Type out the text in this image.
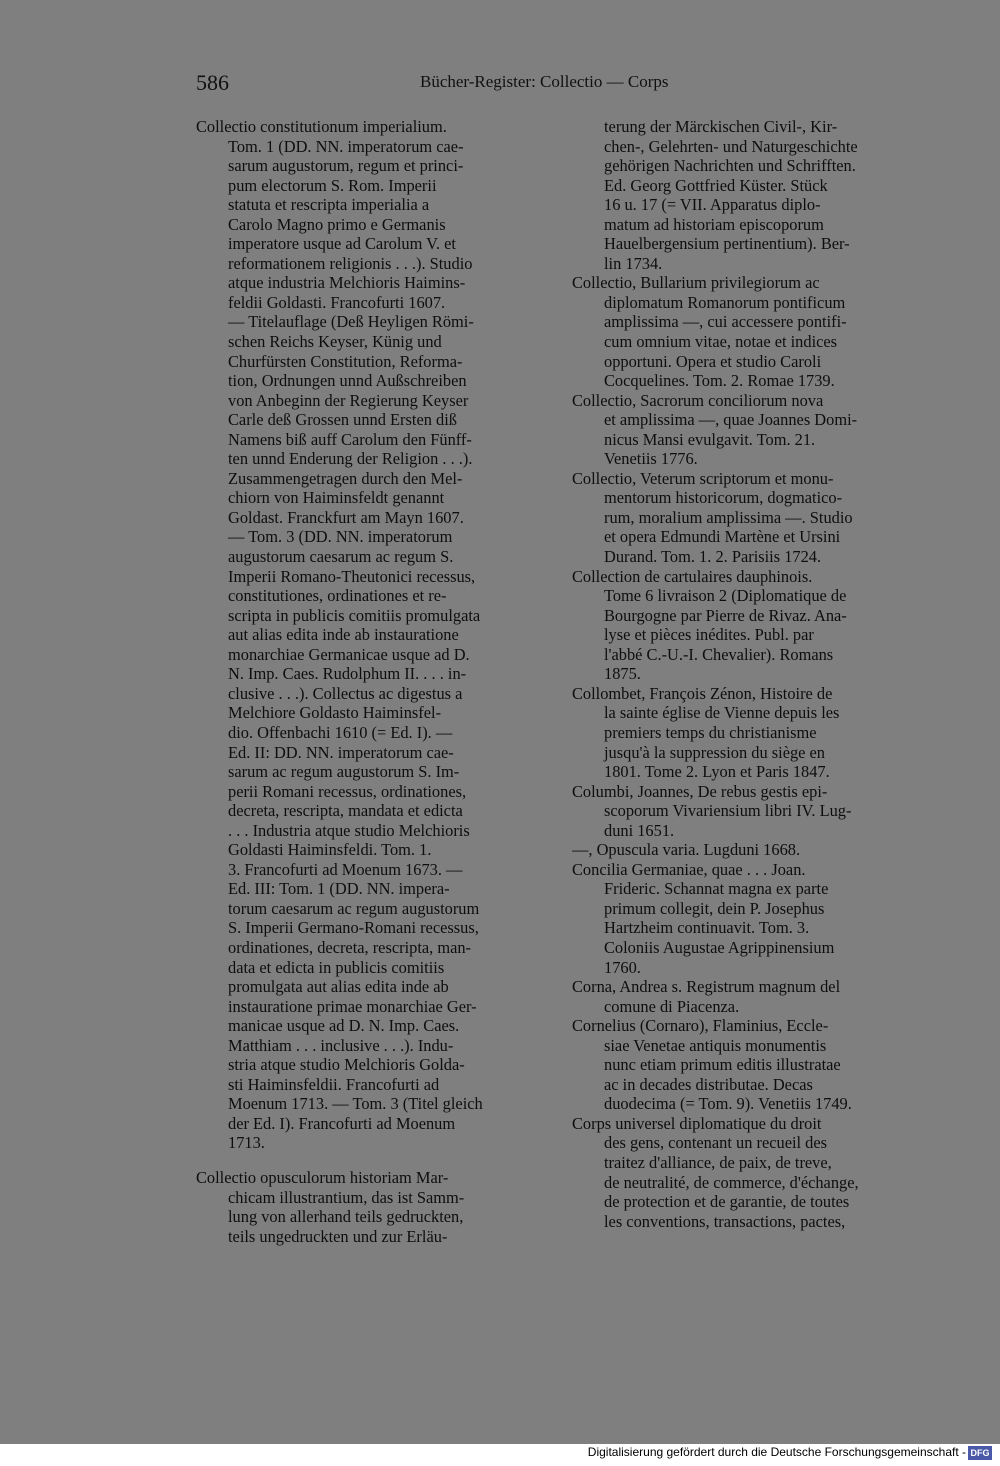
586	Bücher-Register: Collectio — Corps
Collectio constitutionum imperialium.
Tom. 1 (DD. NN. imperatorum cae-
sarum augustorum, regum et princi-
pum electorum S. Rom. Imperii
statuta et rescripta imperialia a
Carolo Magno primo e Germanis
imperatore usque ad Carolum V. et
reformationem religionis . . .). Studio
atque industria Melchioris Haimins-
feldii Goldasti. Francofurti 1607.
— Titelauflage (Deß Heyligen Römi-
schen Reichs Keyser, Künig und
Churfürsten Constitution, Reforma-
tion, Ordnungen unnd Außschreiben
von Anbeginn der Regierung Keyser
Carle deß Grossen unnd Ersten diß
Namens biß auff Carolum den Fünff-
ten unnd Enderung der Religion . . .).
Zusammengetragen durch den Mel-
chiorn von Haiminsfeldt genannt
Goldast. Franckfurt am Mayn 1607.
— Tom. 3 (DD. NN. imperatorum
augustorum caesarum ac regum S.
Imperii Romano-Theutonici recessus,
constitutiones, ordinationes et re-
scripta in publicis comitiis promulgata
aut alias edita inde ab instauratione
monarchiae Germanicae usque ad D.
N. Imp. Caes. Rudolphum II. . . . in-
clusive . . .). Collectus ac digestus a
Melchiore Goldasto Haiminsfel-
dio. Offenbachi 1610 (= Ed. I). —
Ed. II: DD. NN. imperatorum cae-
sarum ac regum augustorum S. Im-
perii Romani recessus, ordinationes,
decreta, rescripta, mandata et edicta
. . . Industria atque studio Melchioris
Goldasti Haiminsfeldi. Tom. 1.
3. Francofurti ad Moenum 1673. —
Ed. III: Tom. 1 (DD. NN. impera-
torum caesarum ac regum augustorum
S. Imperii Germano-Romani recessus,
ordinationes, decreta, rescripta, man-
data et edicta in publicis comitiis
promulgata aut alias edita inde ab
instauratione primae monarchiae Ger-
manicae usque ad D. N. Imp. Caes.
Matthiam . . . inclusive . . .). Indu-
stria atque studio Melchioris Golda-
sti Haiminsfeldii. Francofurti ad
Moenum 1713. — Tom. 3 (Titel gleich
der Ed. I). Francofurti ad Moenum
1713.
Collectio opusculorum historiam Mar-
chicam illustrantium, das ist Samm-
lung von allerhand teils gedruckten,
teils ungedruckten und zur Erläu-
terung der Märckischen Civil-, Kir-
chen-, Gelehrten- und Naturgeschichte
gehörigen Nachrichten und Schrifften.
Ed. Georg Gottfried Küster. Stück
16 u. 17 (= VII. Apparatus diplo-
matum ad historiam episcoporum
Hauelbergensium pertinentium). Ber-
lin 1734.
Collectio, Bullarium privilegiorum ac
diplomatum Romanorum pontificum
amplissima —, cui accessere pontifi-
cum omnium vitae, notae et indices
opportuni. Opera et studio Caroli
Cocquelines. Tom. 2. Romae 1739.
Collectio, Sacrorum conciliorum nova
et amplissima —, quae Joannes Domi-
nicus Mansi evulgavit. Tom. 21.
Venetiis 1776.
Collectio, Veterum scriptorum et monu-
mentorum historicorum, dogmatico-
rum, moralium amplissima —. Studio
et opera Edmundi Martène et Ursini
Durand. Tom. 1. 2. Parisiis 1724.
Collection de cartulaires dauphinois.
Tome 6 livraison 2 (Diplomatique de
Bourgogne par Pierre de Rivaz. Ana-
lyse et pièces inédites. Publ. par
l'abbé C.-U.-I. Chevalier). Romans
1875.
Collombet, François Zénon, Histoire de
la sainte église de Vienne depuis les
premiers temps du christianisme
jusqu'à la suppression du siège en
1801. Tome 2. Lyon et Paris 1847.
Columbi, Joannes, De rebus gestis epi-
scoporum Vivariensium libri IV. Lug-
duni 1651.
—, Opuscula varia. Lugduni 1668.
Concilia Germaniae, quae . . . Joan.
Frideric. Schannat magna ex parte
primum collegit, dein P. Josephus
Hartzheim continuavit. Tom. 3.
Coloniis Augustae Agrippinensium
1760.
Corna, Andrea s. Registrum magnum del
comune di Piacenza.
Cornelius (Cornaro), Flaminius, Eccle-
siae Venetae antiquis monumentis
nunc etiam primum editis illustratae
ac in decades distributae. Decas
duodecima (= Tom. 9). Venetiis 1749.
Corps universel diplomatique du droit
des gens, contenant un recueil des
traitez d'alliance, de paix, de treve,
de neutralité, de commerce, d'échange,
de protection et de garantie, de toutes
les conventions, transactions, pactes,
Digitalisierung gefördert durch die Deutsche Forschungsgemeinschaft - DFG
